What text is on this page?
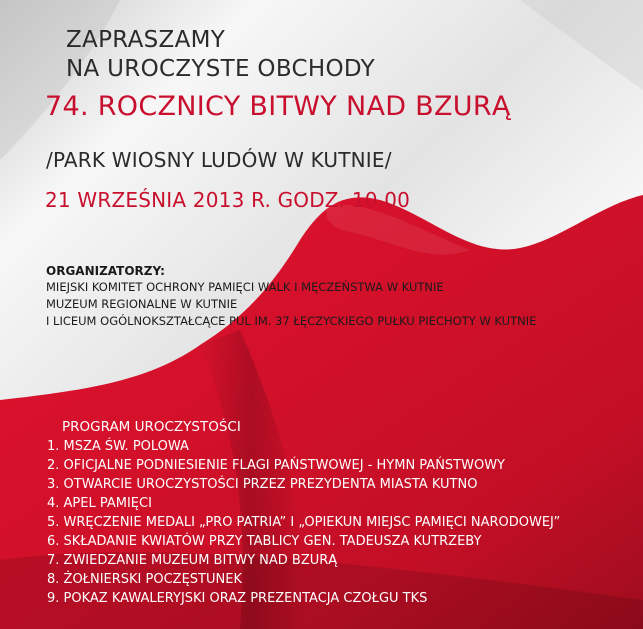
ZAPRASZAMY

NA UROCZYSTE OBCHODY

74. ROCZNICY BITWY NAD BZURĄ

/PARK WIOSNY LUDÓW W KUTNIE/

21 WRZEŚNIA 2013 R. GODZ. 10.00

ORGANIZATORZY:

MIEJSKI KOMITET OCHRONY PAMIĘCI WALK I MĘCZEŃSTWA W KUTNIE

MUZEUM REGIONALNE W KUTNIE

I LICEUM OGÓLNOKSZTAŁCĄCE PUL IM. 37 ŁĘCZYCKIEGO PUŁKU PIECHOTY W KUTNIE

PROGRAM UROCZYSTOŚCI

1. MSZA ŚW. POLOWA

2. OFICJALNE PODNIESIENIE FLAGI PAŃSTWOWEJ - HYMN PAŃSTWOWY

3. OTWARCIE UROCZYSTOŚCI PRZEZ PREZYDENTA MIASTA KUTNO

4. APEL PAMIĘCI

5. WRĘCZENIE MEDALI „PRO PATRIA” I „OPIEKUN MIEJSC PAMIĘCI NARODOWEJ”

6. SKŁADANIE KWIATÓW PRZY TABLICY GEN. TADEUSZA KUTRZEBY

7. ZWIEDZANIE MUZEUM BITWY NAD BZURĄ

8. ŻOŁNIERSKI POCZĘSTUNEK

9. POKAZ KAWALERYJSKI ORAZ PREZENTACJA CZOŁGU TKS
